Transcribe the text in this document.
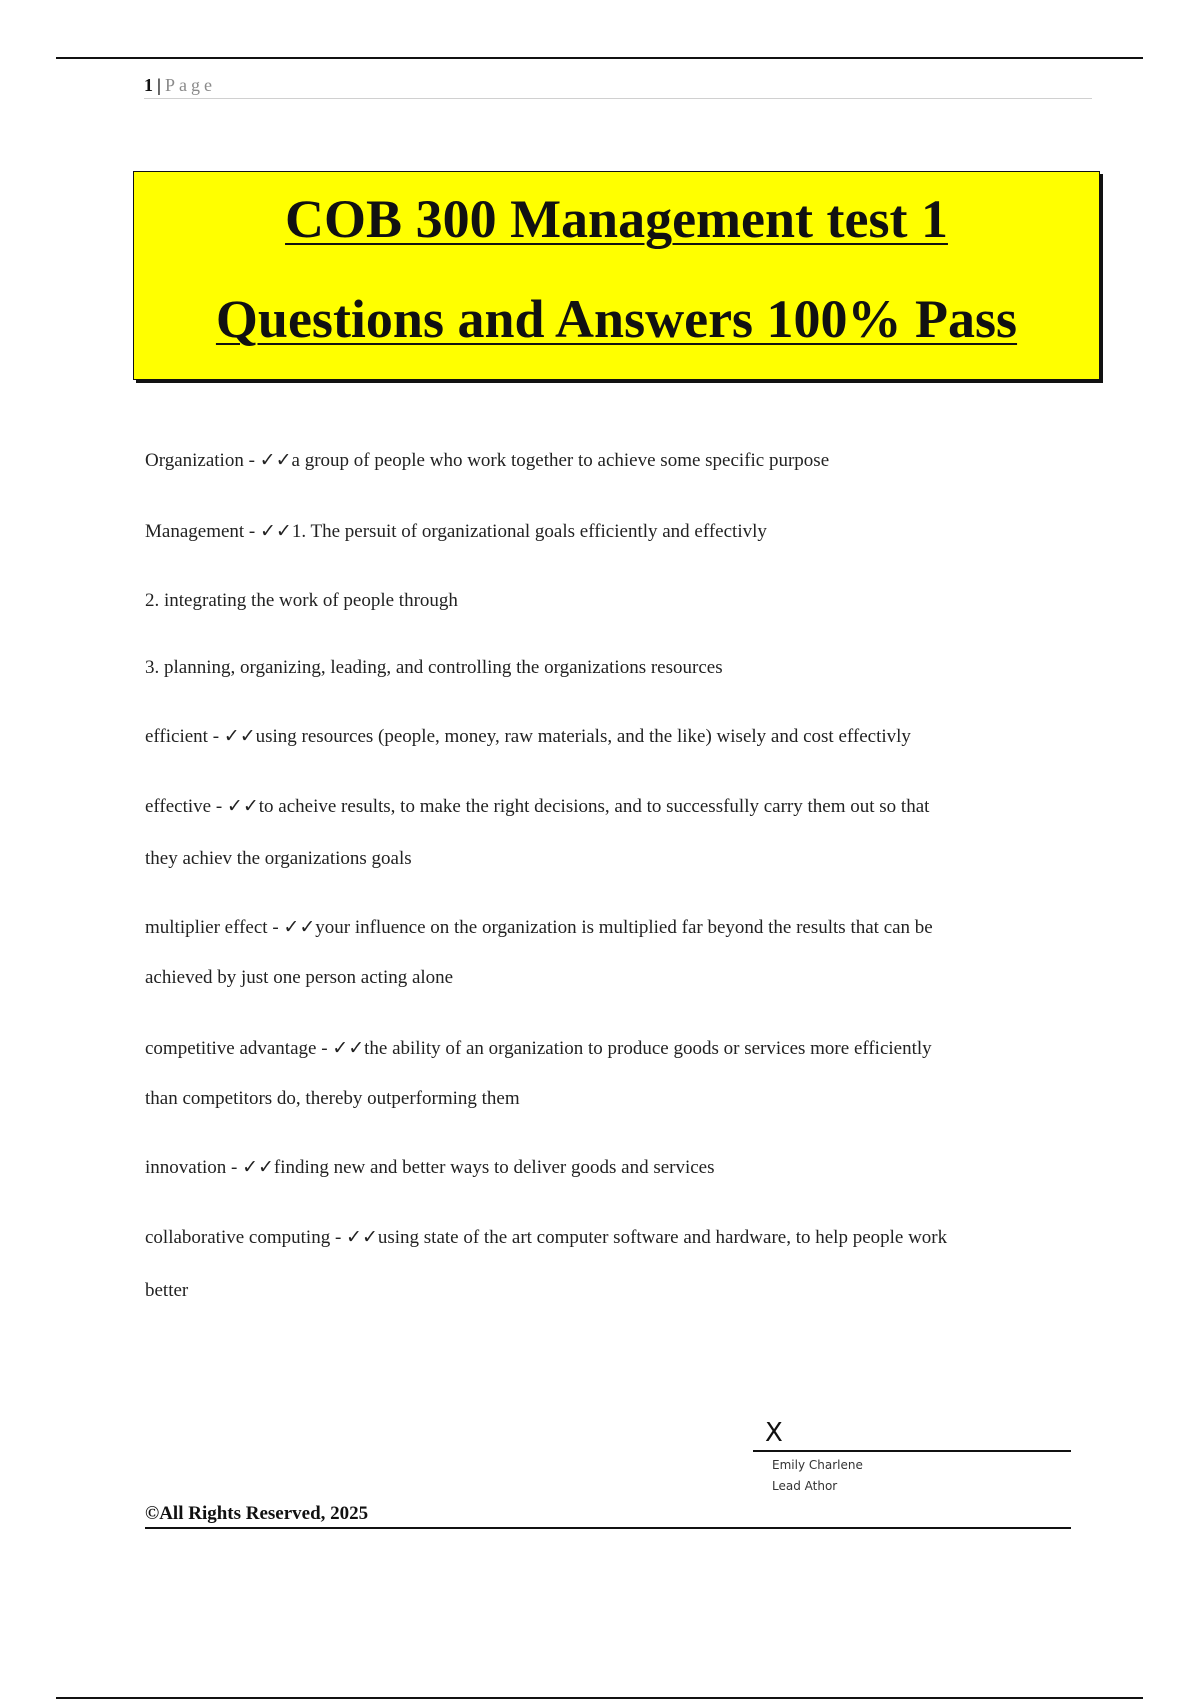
1 | Page
COB 300 Management test 1
Questions and Answers 100% Pass
Organization - ✓✓a group of people who work together to achieve some specific purpose
Management - ✓✓1. The persuit of organizational goals efficiently and effectivly
2. integrating the work of people through
3. planning, organizing, leading, and controlling the organizations resources
efficient - ✓✓using resources (people, money, raw materials, and the like) wisely and cost effectivly
effective - ✓✓to acheive results, to make the right decisions, and to successfully carry them out so that
they achiev the organizations goals
multiplier effect - ✓✓your influence on the organization is multiplied far beyond the results that can be
achieved by just one person acting alone
competitive advantage - ✓✓the ability of an organization to produce goods or services more efficiently
than competitors do, thereby outperforming them
innovation - ✓✓finding new and better ways to deliver goods and services
collaborative computing - ✓✓using state of the art computer software and hardware, to help people work
better
X
Emily Charlene
Lead Athor
©All Rights Reserved, 2025
